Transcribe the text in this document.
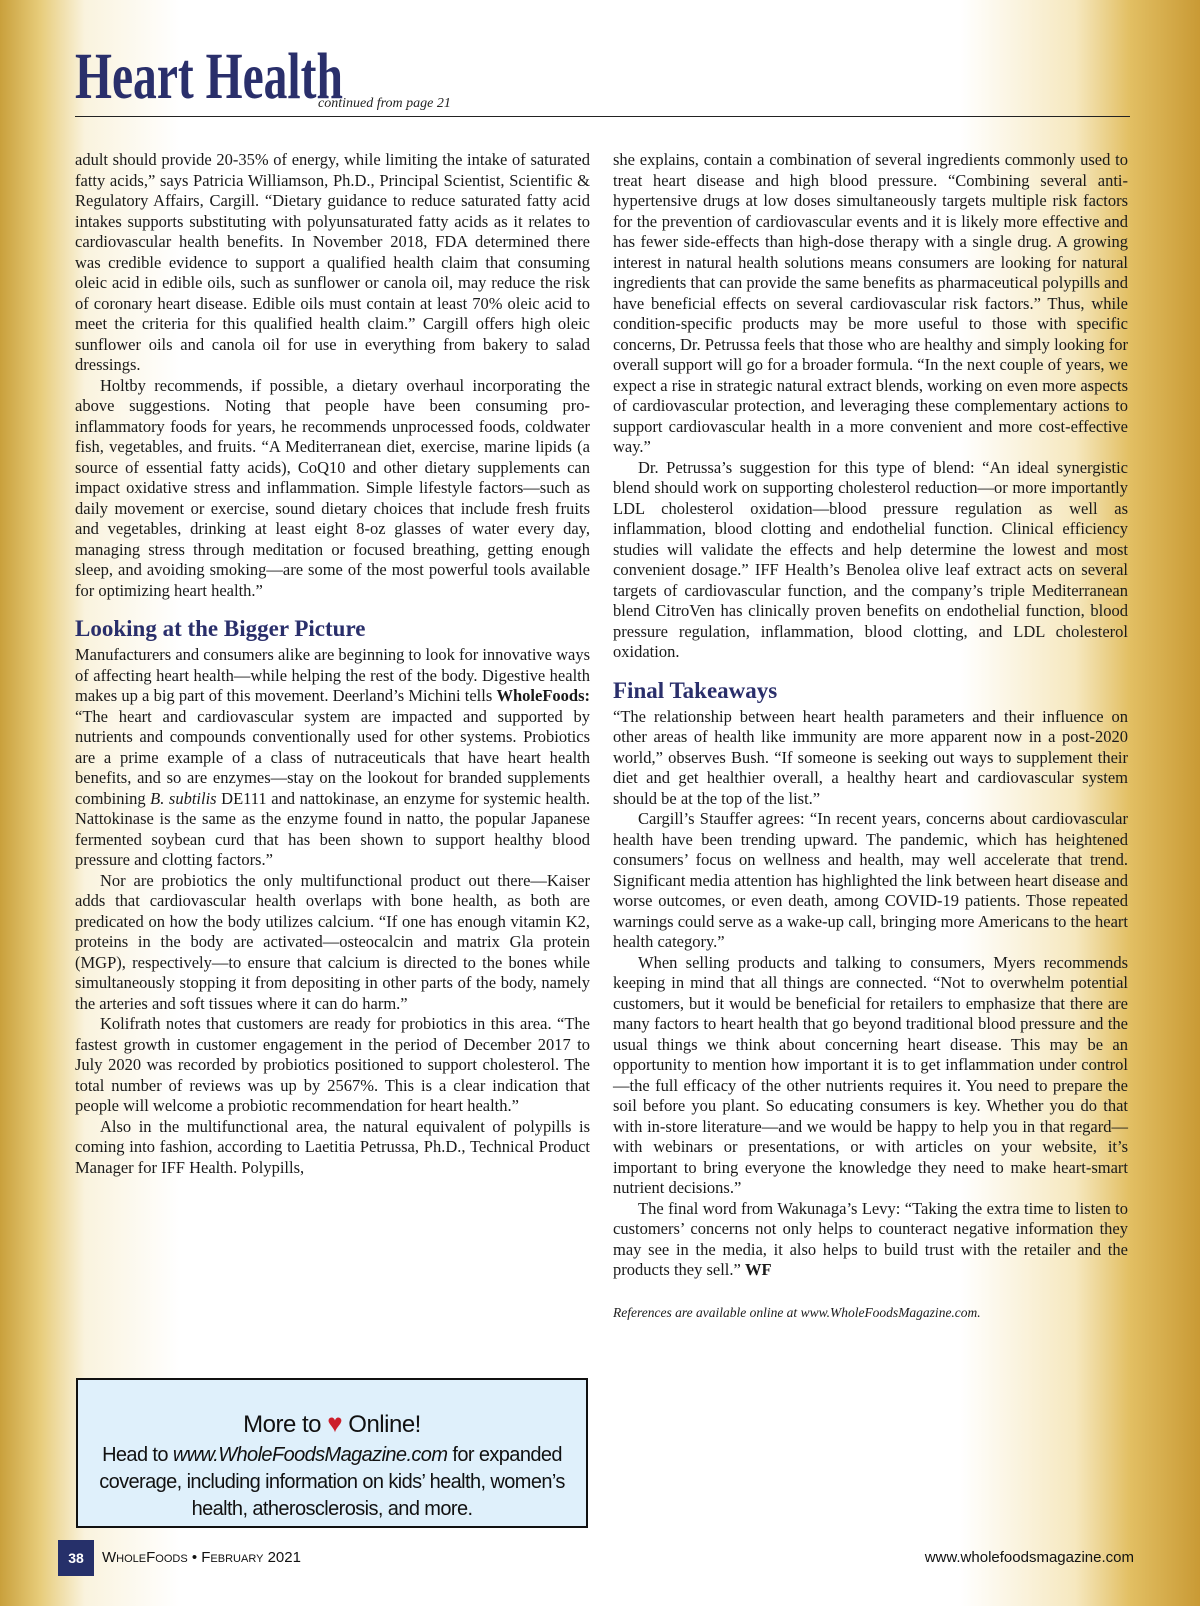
Heart Health
continued from page 21

adult should provide 20-35% of energy, while limiting the intake of saturated fatty acids,” says Patricia Williamson, Ph.D., Principal Scientist, Scientific & Regulatory Affairs, Cargill. “Dietary guidance to reduce saturated fatty acid intakes supports substituting with polyunsaturated fatty acids as it relates to cardiovascular health benefits. In November 2018, FDA determined there was credible evidence to support a qualified health claim that consuming oleic acid in edible oils, such as sunflower or canola oil, may reduce the risk of coronary heart disease. Edible oils must contain at least 70% oleic acid to meet the criteria for this qualified health claim.” Cargill offers high oleic sunflower oils and canola oil for use in everything from bakery to salad dressings.

Holtby recommends, if possible, a dietary overhaul incorporating the above suggestions. Noting that people have been consuming pro-inflammatory foods for years, he recommends unprocessed foods, coldwater fish, vegetables, and fruits. “A Mediterranean diet, exercise, marine lipids (a source of essential fatty acids), CoQ10 and other dietary supplements can impact oxidative stress and inflammation. Simple lifestyle factors—such as daily movement or exercise, sound dietary choices that include fresh fruits and vegetables, drinking at least eight 8-oz glasses of water every day, managing stress through meditation or focused breathing, getting enough sleep, and avoiding smoking—are some of the most powerful tools available for optimizing heart health.”

Looking at the Bigger Picture

Manufacturers and consumers alike are beginning to look for innovative ways of affecting heart health—while helping the rest of the body. Digestive health makes up a big part of this movement. Deerland’s Michini tells WholeFoods: “The heart and cardiovascular system are impacted and supported by nutrients and compounds conventionally used for other systems. Probiotics are a prime example of a class of nutraceuticals that have heart health benefits, and so are enzymes—stay on the lookout for branded supplements combining B. subtilis DE111 and nattokinase, an enzyme for systemic health. Nattokinase is the same as the enzyme found in natto, the popular Japanese fermented soybean curd that has been shown to support healthy blood pressure and clotting factors.”

Nor are probiotics the only multifunctional product out there—Kaiser adds that cardiovascular health overlaps with bone health, as both are predicated on how the body utilizes calcium. “If one has enough vitamin K2, proteins in the body are activated—osteocalcin and matrix Gla protein (MGP), respectively—to ensure that calcium is directed to the bones while simultaneously stopping it from depositing in other parts of the body, namely the arteries and soft tissues where it can do harm.”

Kolifrath notes that customers are ready for probiotics in this area. “The fastest growth in customer engagement in the period of December 2017 to July 2020 was recorded by probiotics positioned to support cholesterol. The total number of reviews was up by 2567%. This is a clear indication that people will welcome a probiotic recommendation for heart health.”

Also in the multifunctional area, the natural equivalent of polypills is coming into fashion, according to Laetitia Petrussa, Ph.D., Technical Product Manager for IFF Health. Polypills,

she explains, contain a combination of several ingredients commonly used to treat heart disease and high blood pressure. “Combining several anti-hypertensive drugs at low doses simultaneously targets multiple risk factors for the prevention of cardiovascular events and it is likely more effective and has fewer side-effects than high-dose therapy with a single drug. A growing interest in natural health solutions means consumers are looking for natural ingredients that can provide the same benefits as pharmaceutical polypills and have beneficial effects on several cardiovascular risk factors.” Thus, while condition-specific products may be more useful to those with specific concerns, Dr. Petrussa feels that those who are healthy and simply looking for overall support will go for a broader formula. “In the next couple of years, we expect a rise in strategic natural extract blends, working on even more aspects of cardiovascular protection, and leveraging these complementary actions to support cardiovascular health in a more convenient and more cost-effective way.”

Dr. Petrussa’s suggestion for this type of blend: “An ideal synergistic blend should work on supporting cholesterol reduction—or more importantly LDL cholesterol oxidation—blood pressure regulation as well as inflammation, blood clotting and endothelial function. Clinical efficiency studies will validate the effects and help determine the lowest and most convenient dosage.” IFF Health’s Benolea olive leaf extract acts on several targets of cardiovascular function, and the company’s triple Mediterranean blend CitroVen has clinically proven benefits on endothelial function, blood pressure regulation, inflammation, blood clotting, and LDL cholesterol oxidation.

Final Takeaways

“The relationship between heart health parameters and their influence on other areas of health like immunity are more apparent now in a post-2020 world,” observes Bush. “If someone is seeking out ways to supplement their diet and get healthier overall, a healthy heart and cardiovascular system should be at the top of the list.”

Cargill’s Stauffer agrees: “In recent years, concerns about cardiovascular health have been trending upward. The pandemic, which has heightened consumers’ focus on wellness and health, may well accelerate that trend. Significant media attention has highlighted the link between heart disease and worse outcomes, or even death, among COVID-19 patients. Those repeated warnings could serve as a wake-up call, bringing more Americans to the heart health category.”

When selling products and talking to consumers, Myers recommends keeping in mind that all things are connected. “Not to overwhelm potential customers, but it would be beneficial for retailers to emphasize that there are many factors to heart health that go beyond traditional blood pressure and the usual things we think about concerning heart disease. This may be an opportunity to mention how important it is to get inflammation under control—the full efficacy of the other nutrients requires it. You need to prepare the soil before you plant. So educating consumers is key. Whether you do that with in-store literature—and we would be happy to help you in that regard—with webinars or presentations, or with articles on your website, it’s important to bring everyone the knowledge they need to make heart-smart nutrient decisions.”

The final word from Wakunaga’s Levy: “Taking the extra time to listen to customers’ concerns not only helps to counteract negative information they may see in the media, it also helps to build trust with the retailer and the products they sell.” WF

References are available online at www.WholeFoodsMagazine.com.

More to ♥ Online!
Head to www.WholeFoodsMagazine.com for expanded coverage, including information on kids’ health, women’s health, atherosclerosis, and more.
38	WholeFoods • February 2021	www.wholefoodsmagazine.com
